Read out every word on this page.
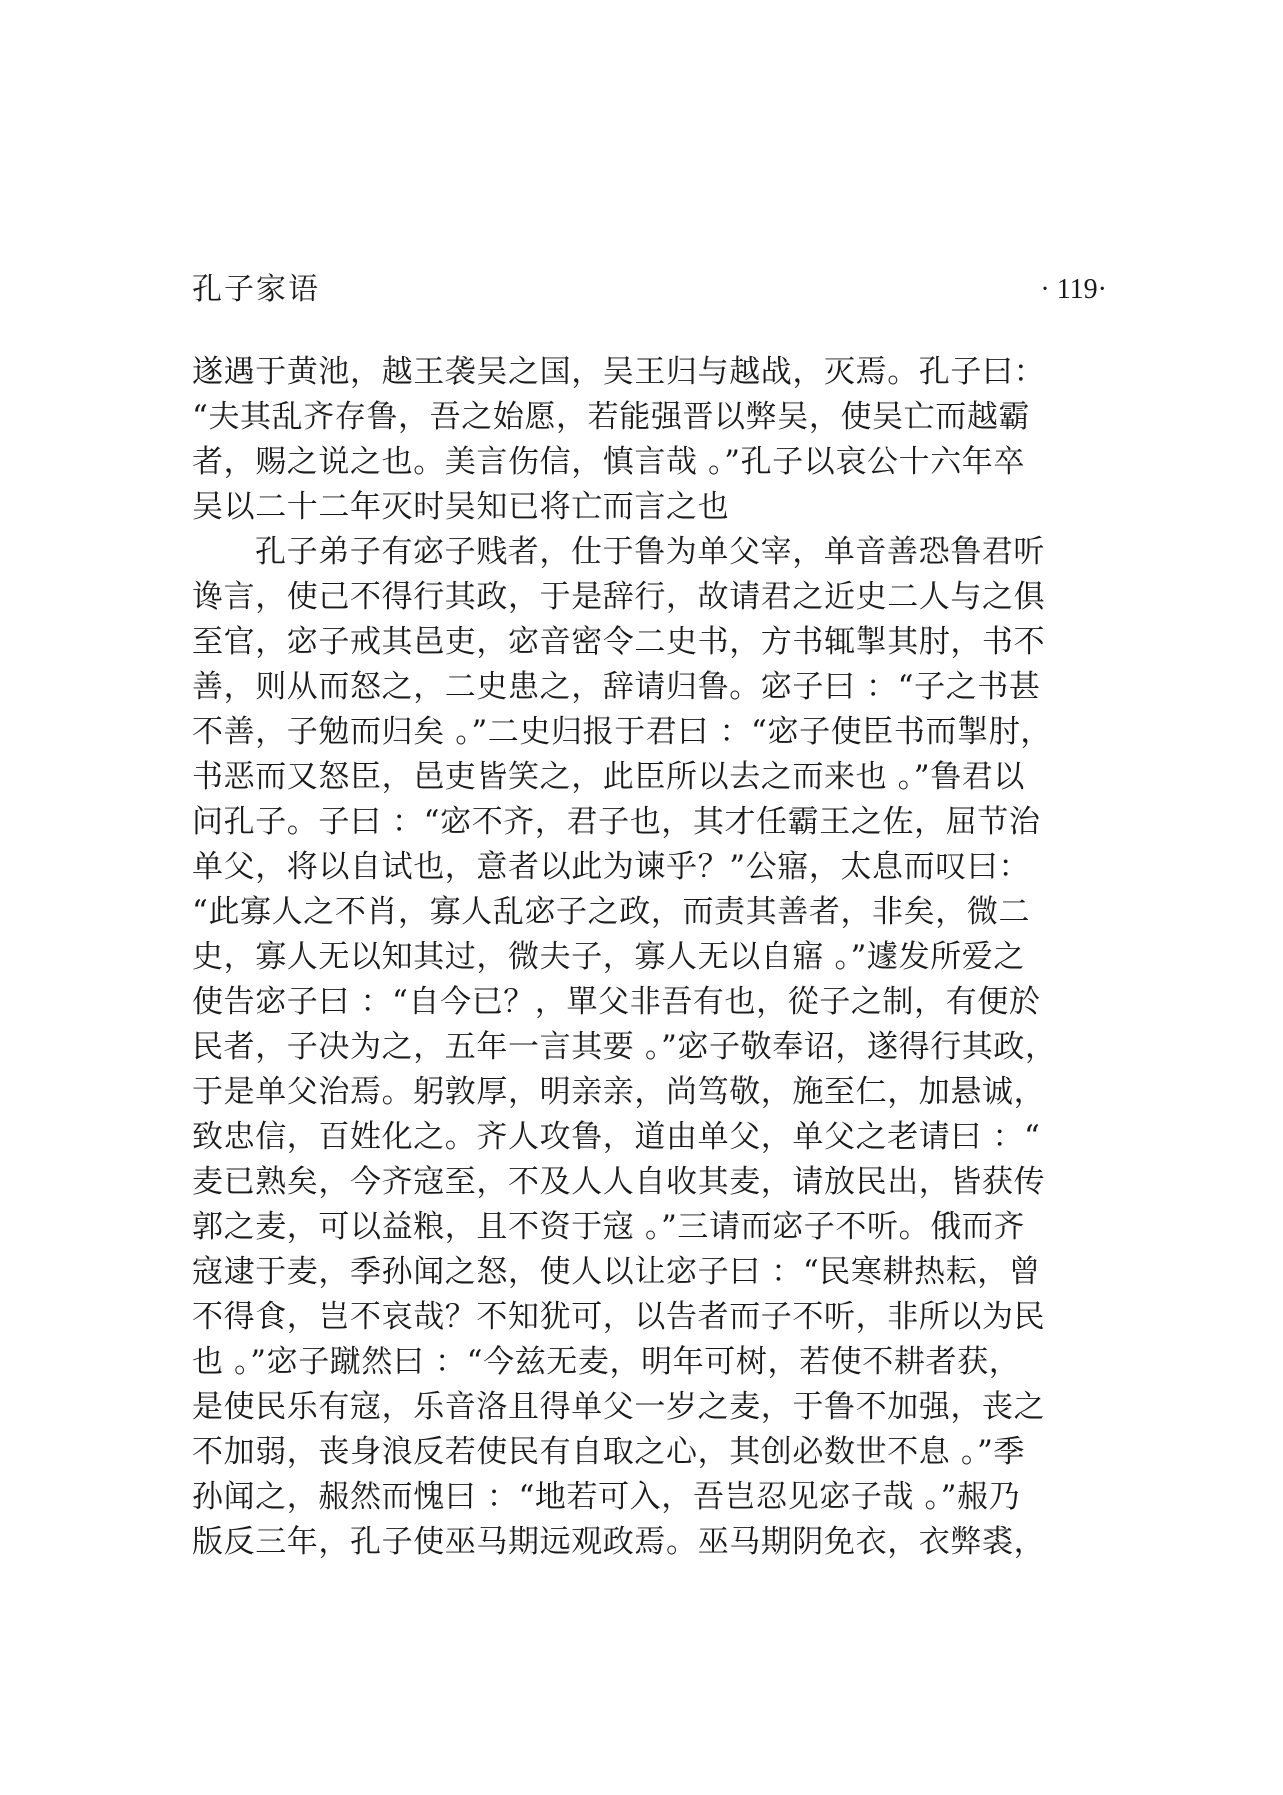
孔子家语	· 119·
遂遇于黄池，越王袭吴之国，吴王归与越战，灭焉。孔子曰：
“夫其乱齐存鲁，吾之始愿，若能强晋以弊吴，使吴亡而越霸
者，赐之说之也。美言伤信，慎言哉 。”孔子以哀公十六年卒
吴以二十二年灭时吴知已将亡而言之也
孔子弟子有宓子贱者，仕于鲁为单父宰，单音善恐鲁君听
谗言，使己不得行其政，于是辞行，故请君之近史二人与之俱
至官，宓子戒其邑吏，宓音密令二史书，方书辄掣其肘，书不
善，则从而怒之，二史患之，辞请归鲁。宓子曰 ：“子之书甚
不善，子勉而归矣 。”二史归报于君曰 ：“宓子使臣书而掣肘，
书恶而又怒臣，邑吏皆笑之，此臣所以去之而来也 。”鲁君以
问孔子。子曰 ：“宓不齐，君子也，其才任霸王之佐，屈节治
单父，将以自试也，意者以此为谏乎？”公寤，太息而叹曰：
“此寡人之不肖，寡人乱宓子之政，而责其善者，非矣，微二
史，寡人无以知其过，微夫子，寡人无以自寤 。”遽发所爱之
使告宓子曰 ：“自今已？，單父非吾有也，從子之制，有便於
民者，子决为之，五年一言其要 。”宓子敬奉诏，遂得行其政，
于是单父治焉。躬敦厚，明亲亲，尚笃敬，施至仁，加悬诚，
致忠信，百姓化之。齐人攻鲁，道由单父，单父之老请曰 ：“
麦已熟矣，今齐寇至，不及人人自收其麦，请放民出，皆获传
郭之麦，可以益粮，且不资于寇 。”三请而宓子不听。俄而齐
寇逮于麦，季孙闻之怒，使人以让宓子曰 ：“民寒耕热耘，曾
不得食，岂不哀哉？不知犹可，以告者而子不听，非所以为民
也 。”宓子蹴然曰 ：“今兹无麦，明年可树，若使不耕者获，
是使民乐有寇，乐音洛且得单父一岁之麦，于鲁不加强，丧之
不加弱，丧身浪反若使民有自取之心，其创必数世不息 。”季
孙闻之，赧然而愧曰 ：“地若可入，吾岂忍见宓子哉 。”赧乃
版反三年，孔子使巫马期远观政焉。巫马期阴免衣，衣弊裘，
